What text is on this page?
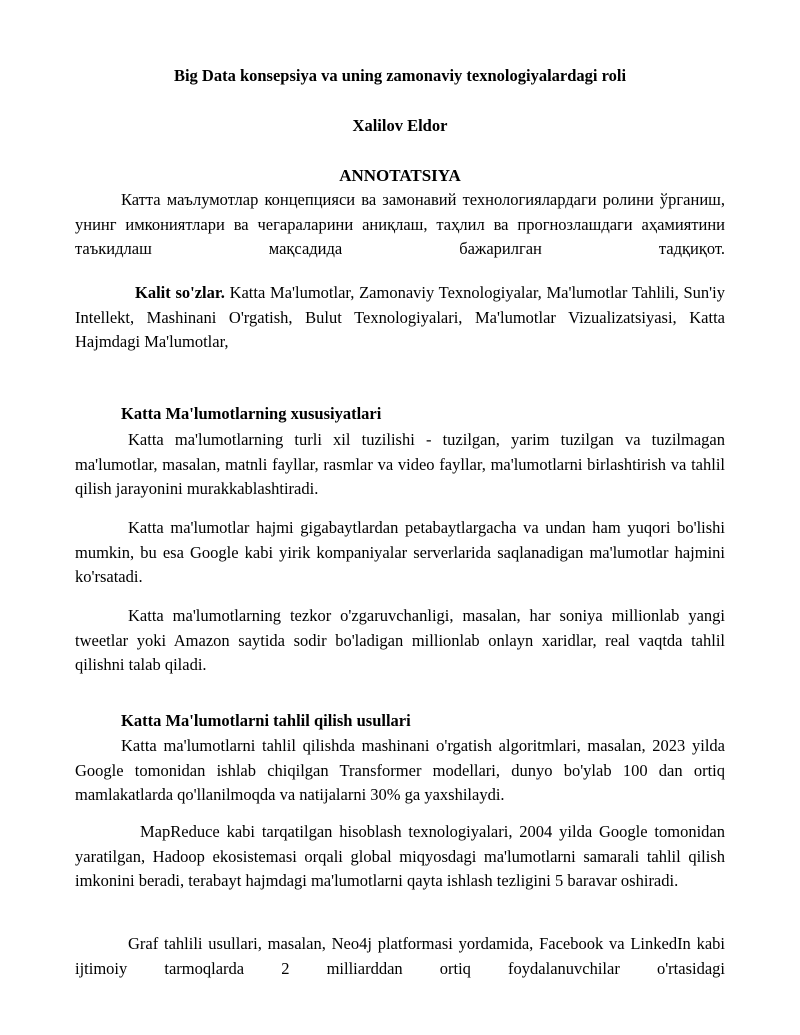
Big Data konsepsiya va uning zamonaviy texnologiyalardagi roli
Xalilov Eldor
ANNOTATSIYA
Катта маълумотлар концепцияси ва замонавий технологиялардаги ролини ўрганиш, унинг имкониятлари ва чегараларини аниқлаш, таҳлил ва прогнозлашдаги аҳамиятини таъкидлаш мақсадида бажарилган тадқиқот.
Kalit so'zlar. Katta Ma'lumotlar, Zamonaviy Texnologiyalar, Ma'lumotlar Tahlili, Sun'iy Intellekt, Mashinani O'rgatish, Bulut Texnologiyalari, Ma'lumotlar Vizualizatsiyasi, Katta Hajmdagi Ma'lumotlar,
Katta Ma'lumotlarning xususiyatlari
Katta ma'lumotlarning turli xil tuzilishi - tuzilgan, yarim tuzilgan va tuzilmagan ma'lumotlar, masalan, matnli fayllar, rasmlar va video fayllar, ma'lumotlarni birlashtirish va tahlil qilish jarayonini murakkablashtiradi.
Katta ma'lumotlar hajmi gigabaytlardan petabaytlargacha va undan ham yuqori bo'lishi mumkin, bu esa Google kabi yirik kompaniyalar serverlarida saqlanadigan ma'lumotlar hajmini ko'rsatadi.
Katta ma'lumotlarning tezkor o'zgaruvchanligi, masalan, har soniya millionlab yangi tweetlar yoki Amazon saytida sodir bo'ladigan millionlab onlayn xaridlar, real vaqtda tahlil qilishni talab qiladi.
Katta Ma'lumotlarni tahlil qilish usullari
Katta ma'lumotlarni tahlil qilishda mashinani o'rgatish algoritmlari, masalan, 2023 yilda Google tomonidan ishlab chiqilgan Transformer modellari, dunyo bo'ylab 100 dan ortiq mamlakatlarda qo'llanilmoqda va natijalarni 30% ga yaxshilaydi.
MapReduce kabi tarqatilgan hisoblash texnologiyalari, 2004 yilda Google tomonidan yaratilgan, Hadoop ekosistemasi orqali global miqyosdagi ma'lumotlarni samarali tahlil qilish imkonini beradi, terabayt hajmdagi ma'lumotlarni qayta ishlash tezligini 5 baravar oshiradi.
Graf tahlili usullari, masalan, Neo4j platformasi yordamida, Facebook va LinkedIn kabi ijtimoiy tarmoqlarda 2 milliarddan ortiq foydalanuvchilar o'rtasidagi
